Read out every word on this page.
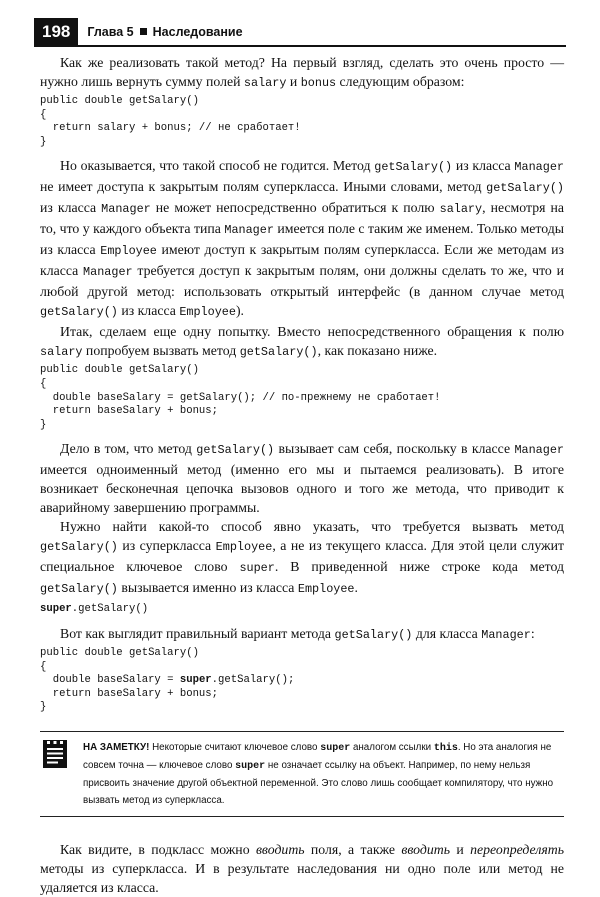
198	Глава 5 Наследование

Как же реализовать такой метод? На первый взгляд, сделать это очень просто — нужно лишь вернуть сумму полей salary и bonus следующим образом:

public double getSalary()
{
return salary + bonus; // не сработает!
}

Но оказывается, что такой способ не годится. Метод getSalary() из класса Manager не имеет доступа к закрытым полям суперкласса. Иными словами, метод getSalary() из класса Manager не может непосредственно обратиться к полю salary, несмотря на то, что у каждого объекта типа Manager имеется поле с таким же именем. Только методы из класса Employee имеют доступ к закрытым полям суперкласса. Если же методам из класса Manager требуется доступ к закрытым полям, они должны сделать то же, что и любой другой метод: использовать открытый интерфейс (в данном случае метод getSalary() из класса Employee).

Итак, сделаем еще одну попытку. Вместо непосредственного обращения к полю salary попробуем вызвать метод getSalary(), как показано ниже.

public double getSalary()
{
double baseSalary = getSalary(); // по-прежнему не сработает!
return baseSalary + bonus;
}

Дело в том, что метод getSalary() вызывает сам себя, поскольку в классе Manager имеется одноименный метод (именно его мы и пытаемся реализовать). В итоге возникает бесконечная цепочка вызовов одного и того же метода, что приводит к аварийному завершению программы.

Нужно найти какой-то способ явно указать, что требуется вызвать метод getSalary() из суперкласса Employee, а не из текущего класса. Для этой цели служит специальное ключевое слово super. В приведенной ниже строке кода метод getSalary() вызывается именно из класса Employee.

super.getSalary()

Вот как выглядит правильный вариант метода getSalary() для класса Manager:

public double getSalary()
{
double baseSalary = super.getSalary();
return baseSalary + bonus;
}
НА ЗАМЕТКУ! Некоторые считают ключевое слово super аналогом ссылки this. Но эта аналогия не совсем точна — ключевое слово super не означает ссылку на объект. Например, по нему нельзя присвоить значение другой объектной переменной. Это слово лишь сообщает компилятору, что нужно вызвать метод из суперкласса.

Как видите, в подкласс можно вводить поля, а также вводить и переопределять методы из суперкласса. И в результате наследования ни одно поле или метод не удаляется из класса.
